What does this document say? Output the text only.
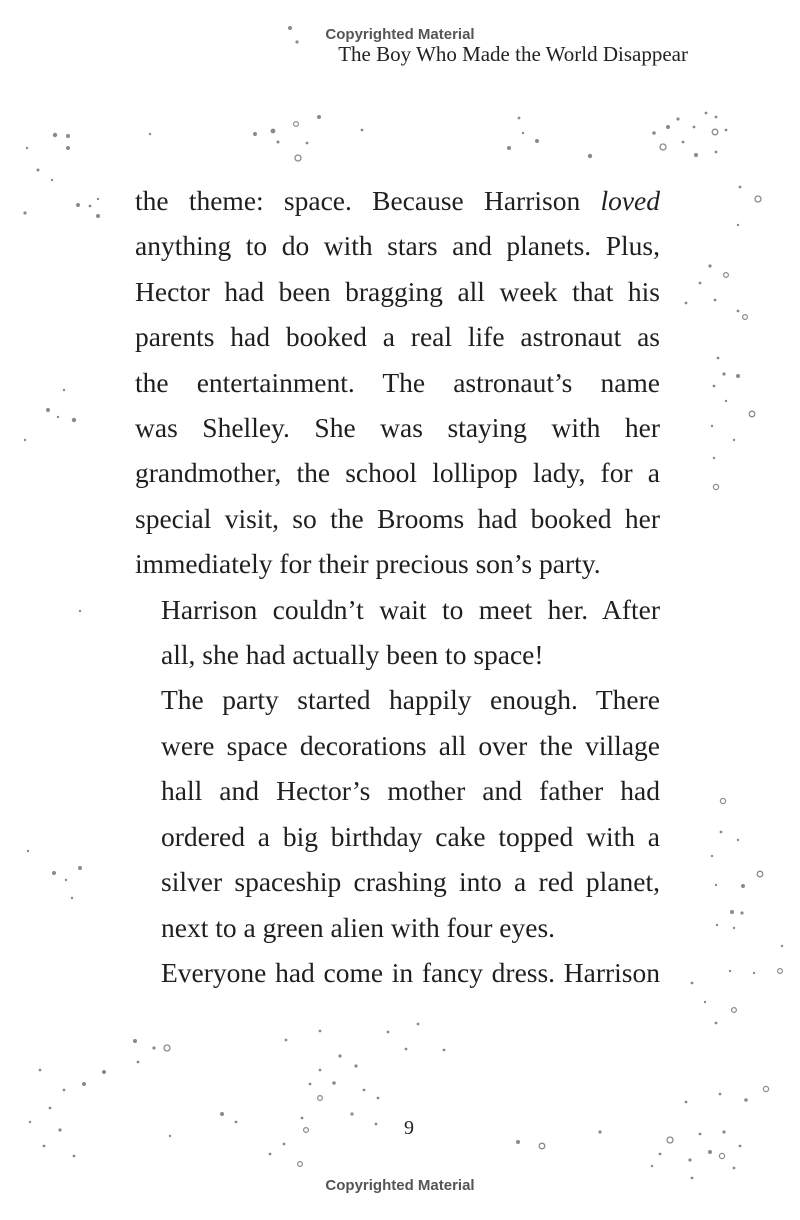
Copyrighted Material
The Boy Who Made the World Disappear

the theme: space. Because Harrison loved
anything to do with stars and planets. Plus,
Hector had been bragging all week that his
parents had booked a real life astronaut as
the entertainment. The astronaut’s name
was Shelley. She was staying with her
grandmother, the school lollipop lady, for a
special visit, so the Brooms had booked her
immediately for their precious son’s party.

Harrison couldn’t wait to meet her. After
all, she had actually been to space!

The party started happily enough. There
were space decorations all over the village
hall and Hector’s mother and father had
ordered a big birthday cake topped with a
silver spaceship crashing into a red planet,
next to a green alien with four eyes.

Everyone had come in fancy dress. Harrison

9
Copyrighted Material
